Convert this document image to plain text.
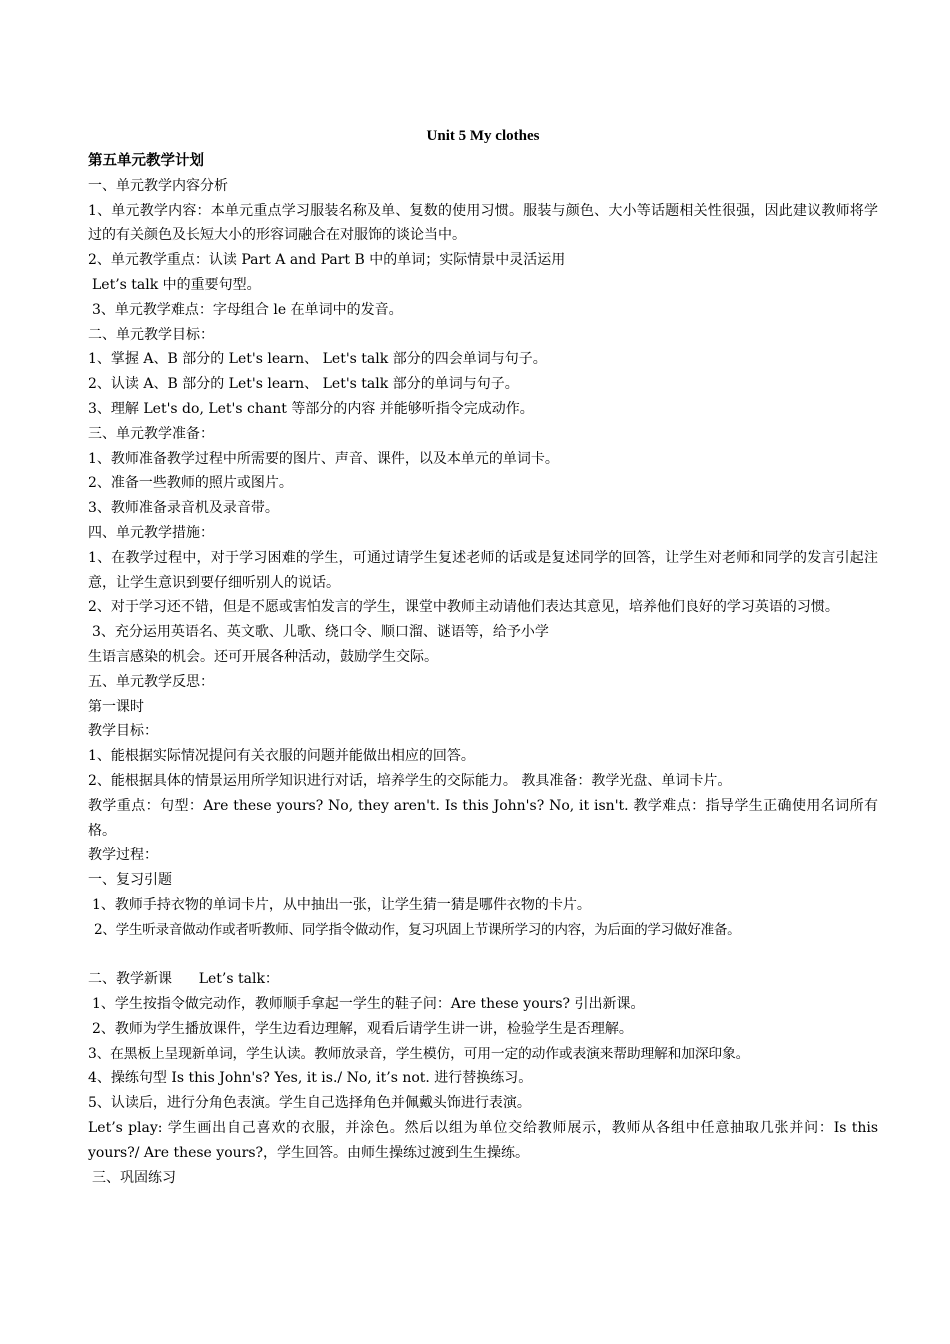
Unit 5 My clothes

第五单元教学计划

一、单元教学内容分析

1、单元教学内容：本单元重点学习服装名称及单、复数的使用习惯。服装与颜色、大小等话题相关性很强，因此建议教师将学过的有关颜色及长短大小的形容词融合在对服饰的谈论当中。

2、单元教学重点：认读 Part A and Part B 中的单词；实际情景中灵活运用

Let’s talk 中的重要句型。

3、单元教学难点：字母组合 le 在单词中的发音。

二、单元教学目标：

1、掌握 A、B 部分的 Let's learn、 Let's talk 部分的四会单词与句子。

2、认读 A、B 部分的 Let's learn、 Let's talk 部分的单词与句子。

3、理解 Let's do, Let's chant 等部分的内容 并能够听指令完成动作。

三、单元教学准备：

1、教师准备教学过程中所需要的图片、声音、课件，以及本单元的单词卡。

2、准备一些教师的照片或图片。

3、教师准备录音机及录音带。

四、单元教学措施：

1、在教学过程中，对于学习困难的学生，可通过请学生复述老师的话或是复述同学的回答，让学生对老师和同学的发言引起注意，让学生意识到要仔细听别人的说话。

2、对于学习还不错，但是不愿或害怕发言的学生，课堂中教师主动请他们表达其意见，培养他们良好的学习英语的习惯。

3、充分运用英语名、英文歌、儿歌、绕口令、顺口溜、谜语等，给予小学

生语言感染的机会。还可开展各种活动，鼓励学生交际。

五、单元教学反思：

第一课时

教学目标：

1、能根据实际情况提问有关衣服的问题并能做出相应的回答。

2、能根据具体的情景运用所学知识进行对话，培养学生的交际能力。 教具准备：教学光盘、单词卡片。

教学重点：句型：Are these yours? No, they aren't. Is this John's? No, it isn't. 教学难点：指导学生正确使用名词所有格。

教学过程：

一、复习引题

1、教师手持衣物的单词卡片，从中抽出一张，让学生猜一猜是哪件衣物的卡片。

2、学生听录音做动作或者听教师、同学指令做动作，复习巩固上节课所学习的内容，为后面的学习做好准备。

二、教学新课      Let’s talk：

1、学生按指令做完动作，教师顺手拿起一学生的鞋子问：Are these yours? 引出新课。

2、教师为学生播放课件，学生边看边理解，观看后请学生讲一讲，检验学生是否理解。

3、在黑板上呈现新单词，学生认读。教师放录音，学生模仿，可用一定的动作或表演来帮助理解和加深印象。

4、操练句型 Is this John's? Yes, it is./ No, it’s not. 进行替换练习。

5、认读后，进行分角色表演。学生自己选择角色并佩戴头饰进行表演。

Let’s play: 学生画出自己喜欢的衣服，并涂色。然后以组为单位交给教师展示，教师从各组中任意抽取几张并问：Is this yours?/ Are these yours?，学生回答。由师生操练过渡到生生操练。

三、巩固练习
